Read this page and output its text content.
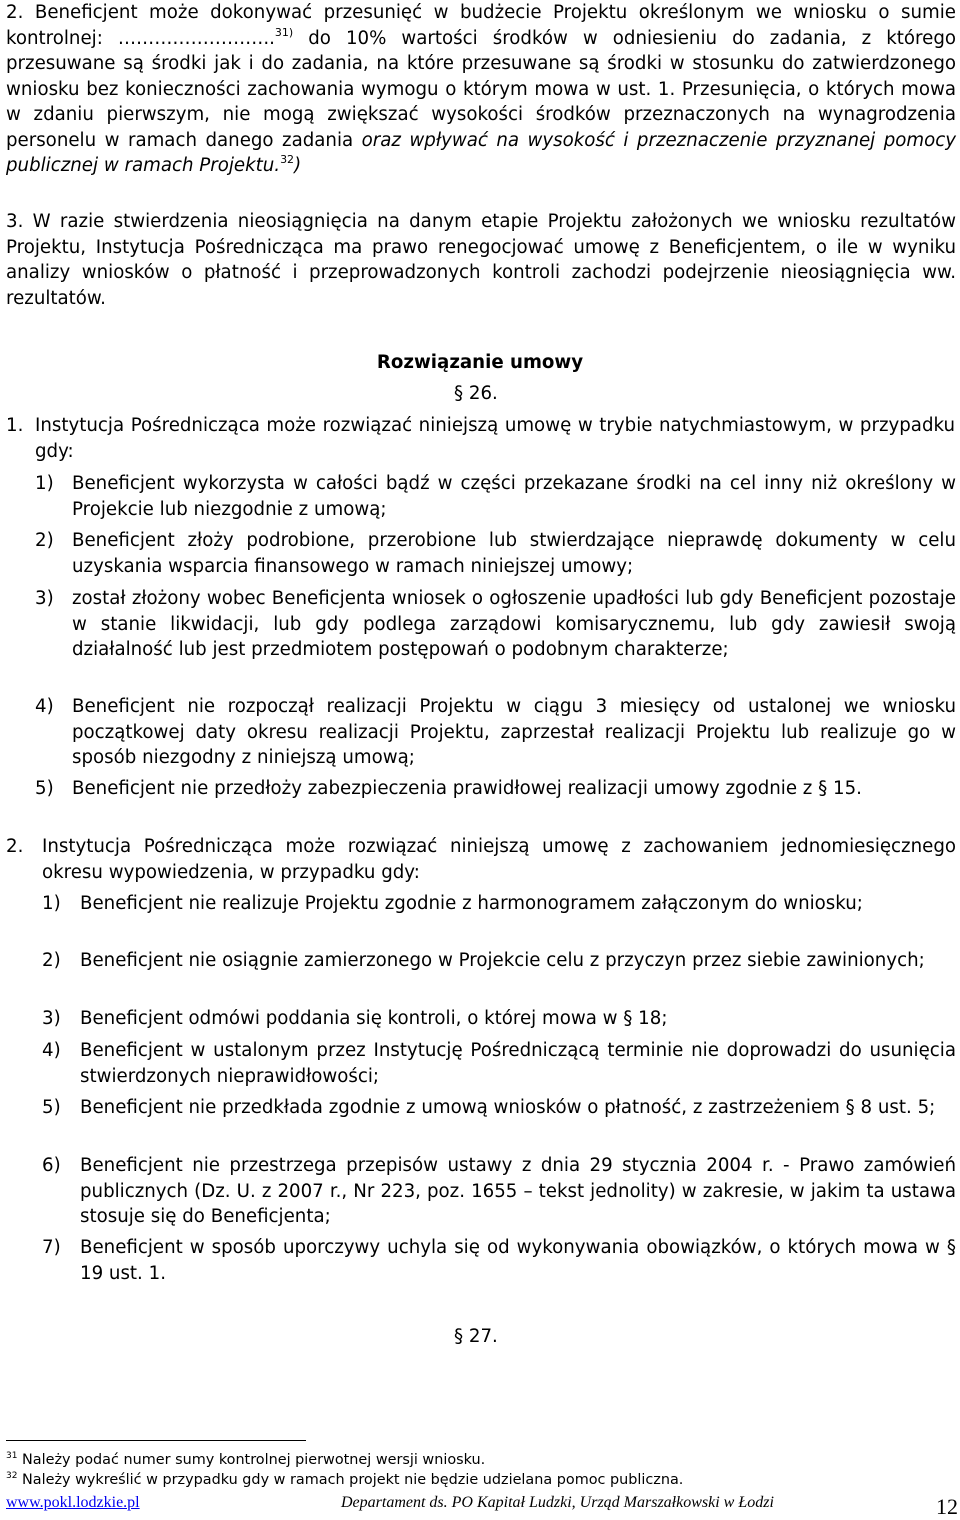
2. Beneficjent może dokonywać przesunięć w budżecie Projektu określonym we wniosku o sumie kontrolnej: ……………………..$^{31)}$ do 10% wartości środków w odniesieniu do zadania, z którego przesuwane są środki jak i do zadania, na które przesuwane są środki w stosunku do zatwierdzonego wniosku bez konieczności zachowania wymogu o którym mowa w ust. 1. Przesunięcia, o których mowa w zdaniu pierwszym, nie mogą zwiększać wysokości środków przeznaczonych na wynagrodzenia personelu w ramach danego zadania oraz wpływać na wysokość i przeznaczenie przyznanej pomocy publicznej w ramach Projektu.$^{32}$)

3. W razie stwierdzenia nieosiągnięcia na danym etapie Projektu założonych we wniosku rezultatów Projektu, Instytucja Pośrednicząca ma prawo renegocjować umowę z Beneficjentem, o ile w wyniku analizy wniosków o płatność i przeprowadzonych kontroli zachodzi podejrzenie nieosiągnięcia ww. rezultatów.

Rozwiązanie umowy

§ 26.

1. Instytucja Pośrednicząca może rozwiązać niniejszą umowę w trybie natychmiastowym, w przypadku gdy:

1) Beneficjent wykorzysta w całości bądź w części przekazane środki na cel inny niż określony w Projekcie lub niezgodnie z umową;

2) Beneficjent złoży podrobione, przerobione lub stwierdzające nieprawdę dokumenty w celu uzyskania wsparcia finansowego w ramach niniejszej umowy;

3) został złożony wobec Beneficjenta wniosek o ogłoszenie upadłości lub gdy Beneficjent pozostaje w stanie likwidacji, lub gdy podlega zarządowi komisarycznemu, lub gdy zawiesił swoją działalność lub jest przedmiotem postępowań o podobnym charakterze;

4) Beneficjent nie rozpoczął realizacji Projektu w ciągu 3 miesięcy od ustalonej we wniosku początkowej daty okresu realizacji Projektu, zaprzestał realizacji Projektu lub realizuje go w sposób niezgodny z niniejszą umową;

5) Beneficjent nie przedłoży zabezpieczenia prawidłowej realizacji umowy zgodnie z § 15.

2. Instytucja Pośrednicząca może rozwiązać niniejszą umowę z zachowaniem jednomiesięcznego okresu wypowiedzenia, w przypadku gdy:

1) Beneficjent nie realizuje Projektu zgodnie z harmonogramem załączonym do wniosku;

2) Beneficjent nie osiągnie zamierzonego w Projekcie celu z przyczyn przez siebie zawinionych;

3) Beneficjent odmówi poddania się kontroli, o której mowa w § 18;

4) Beneficjent w ustalonym przez Instytucję Pośredniczącą terminie nie doprowadzi do usunięcia stwierdzonych nieprawidłowości;

5) Beneficjent nie przedkłada zgodnie z umową wniosków o płatność, z zastrzeżeniem § 8 ust. 5;

6) Beneficjent nie przestrzega przepisów ustawy z dnia 29 stycznia 2004 r. - Prawo zamówień publicznych (Dz. U. z 2007 r., Nr 223, poz. 1655 – tekst jednolity) w zakresie, w jakim ta ustawa stosuje się do Beneficjenta;

7) Beneficjent w sposób uporczywy uchyla się od wykonywania obowiązków, o których mowa w § 19 ust. 1.

§ 27.

$^{31}$ Należy podać numer sumy kontrolnej pierwotnej wersji wniosku.

$^{32}$ Należy wykreślić w przypadku gdy w ramach projekt nie będzie udzielana pomoc publiczna.

www.pokl.lodzkie.pl	Departament ds. PO Kapitał Ludzki, Urząd Marszałkowski w Łodzi	12
